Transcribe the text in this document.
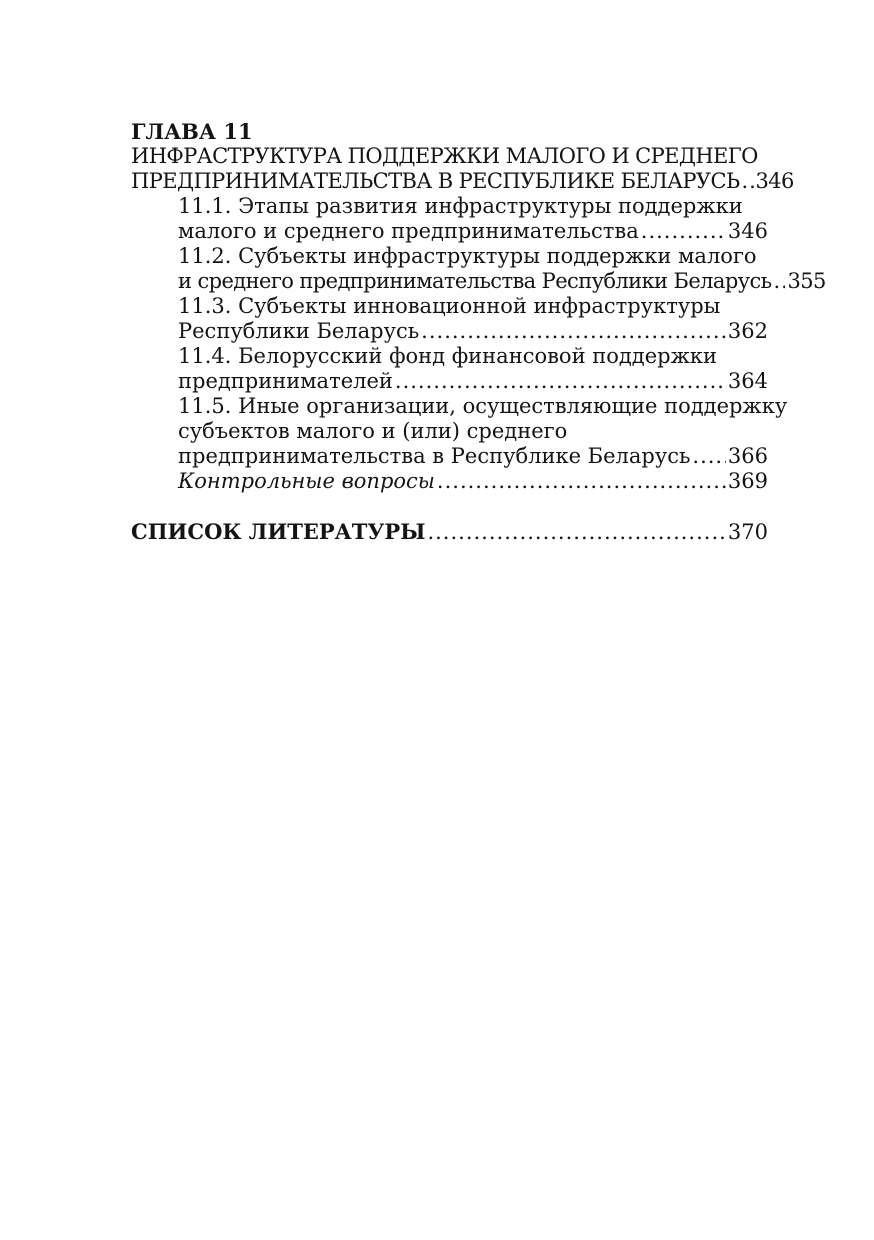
ГЛАВА 11
ИНФРАСТРУКТУРА ПОДДЕРЖКИ МАЛОГО И СРЕДНЕГО
ПРЕДПРИНИМАТЕЛЬСТВА В РЕСПУБЛИКЕ БЕЛАРУСЬ ..... 346
11.1. Этапы развития инфраструктуры поддержки
малого и среднего предпринимательства .....	346
11.2. Субъекты инфраструктуры поддержки малого
и среднего предпринимательства Республики Беларусь ..... 355
11.3. Субъекты инновационной инфраструктуры
Республики Беларусь .....	362
11.4. Белорусский фонд финансовой поддержки
предпринимателей .....	364
11.5. Иные организации, осуществляющие поддержку
субъектов малого и (или) среднего
предпринимательства в Республике Беларусь ..... 366
Контрольные вопросы .....	369
СПИСОК ЛИТЕРАТУРЫ .....	370
